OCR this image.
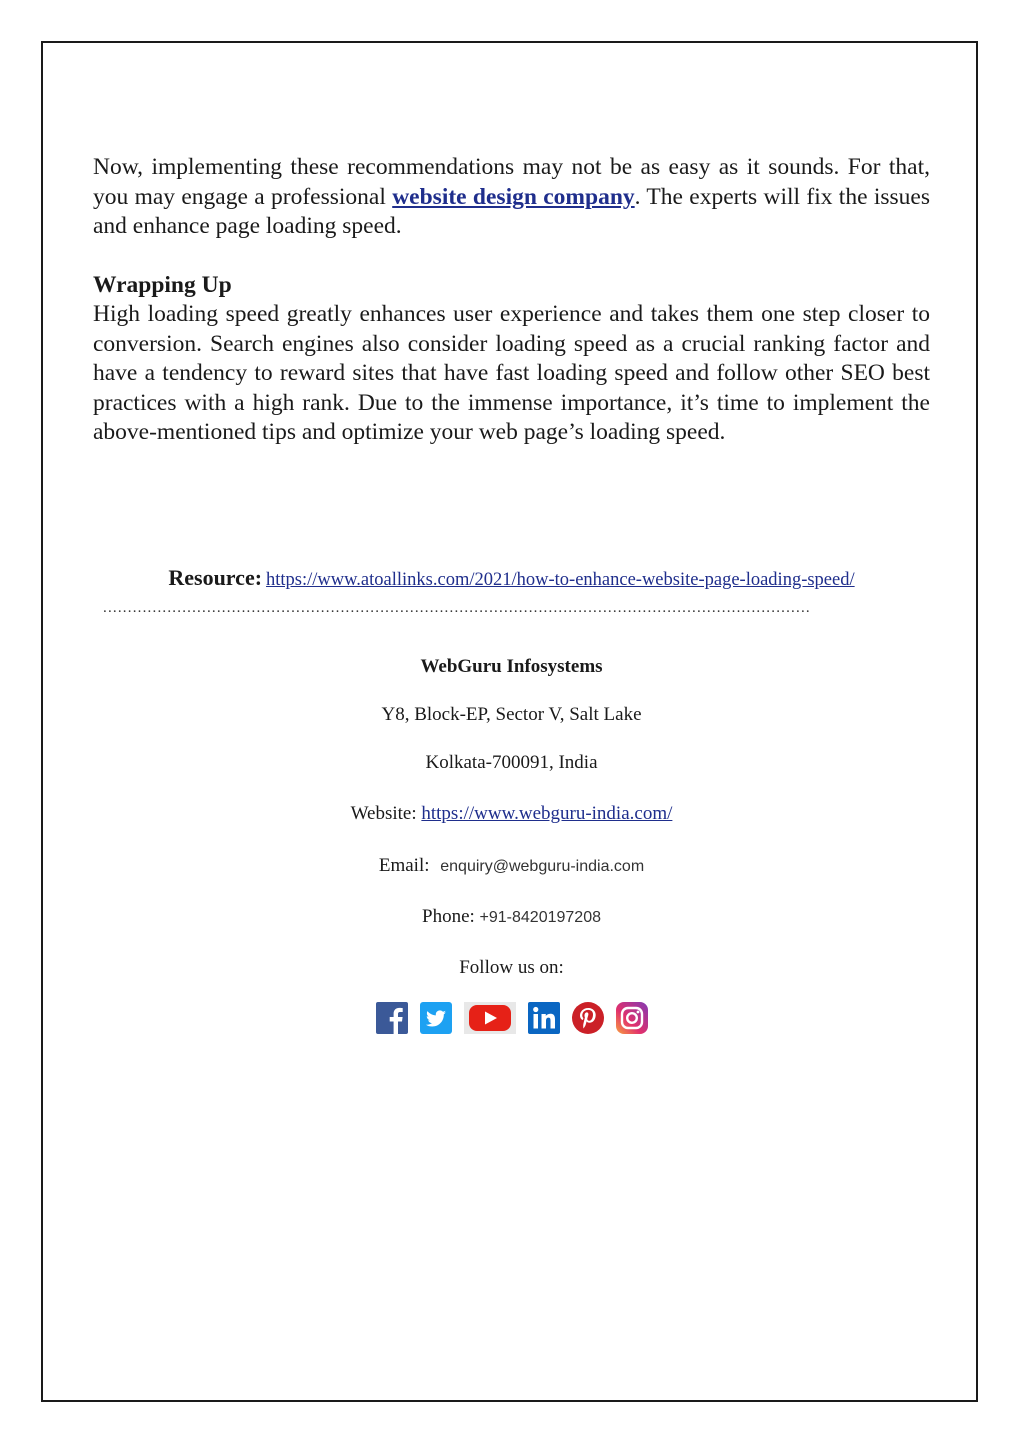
Now, implementing these recommendations may not be as easy as it sounds. For that, you may engage a professional website design company. The experts will fix the issues and enhance page loading speed.

Wrapping Up

High loading speed greatly enhances user experience and takes them one step closer to conversion. Search engines also consider loading speed as a crucial ranking factor and have a tendency to reward sites that have fast loading speed and follow other SEO best practices with a high rank. Due to the immense importance, it’s time to implement the above-mentioned tips and optimize your web page’s loading speed.

Resource: https://www.atoallinks.com/2021/how-to-enhance-website-page-loading-speed/
...............................................................................................................................................
WebGuru Infosystems
Y8, Block-EP, Sector V, Salt Lake
Kolkata-700091, India
Website: https://www.webguru-india.com/
Email: enquiry@webguru-india.com
Phone: +91-8420197208
Follow us on:
